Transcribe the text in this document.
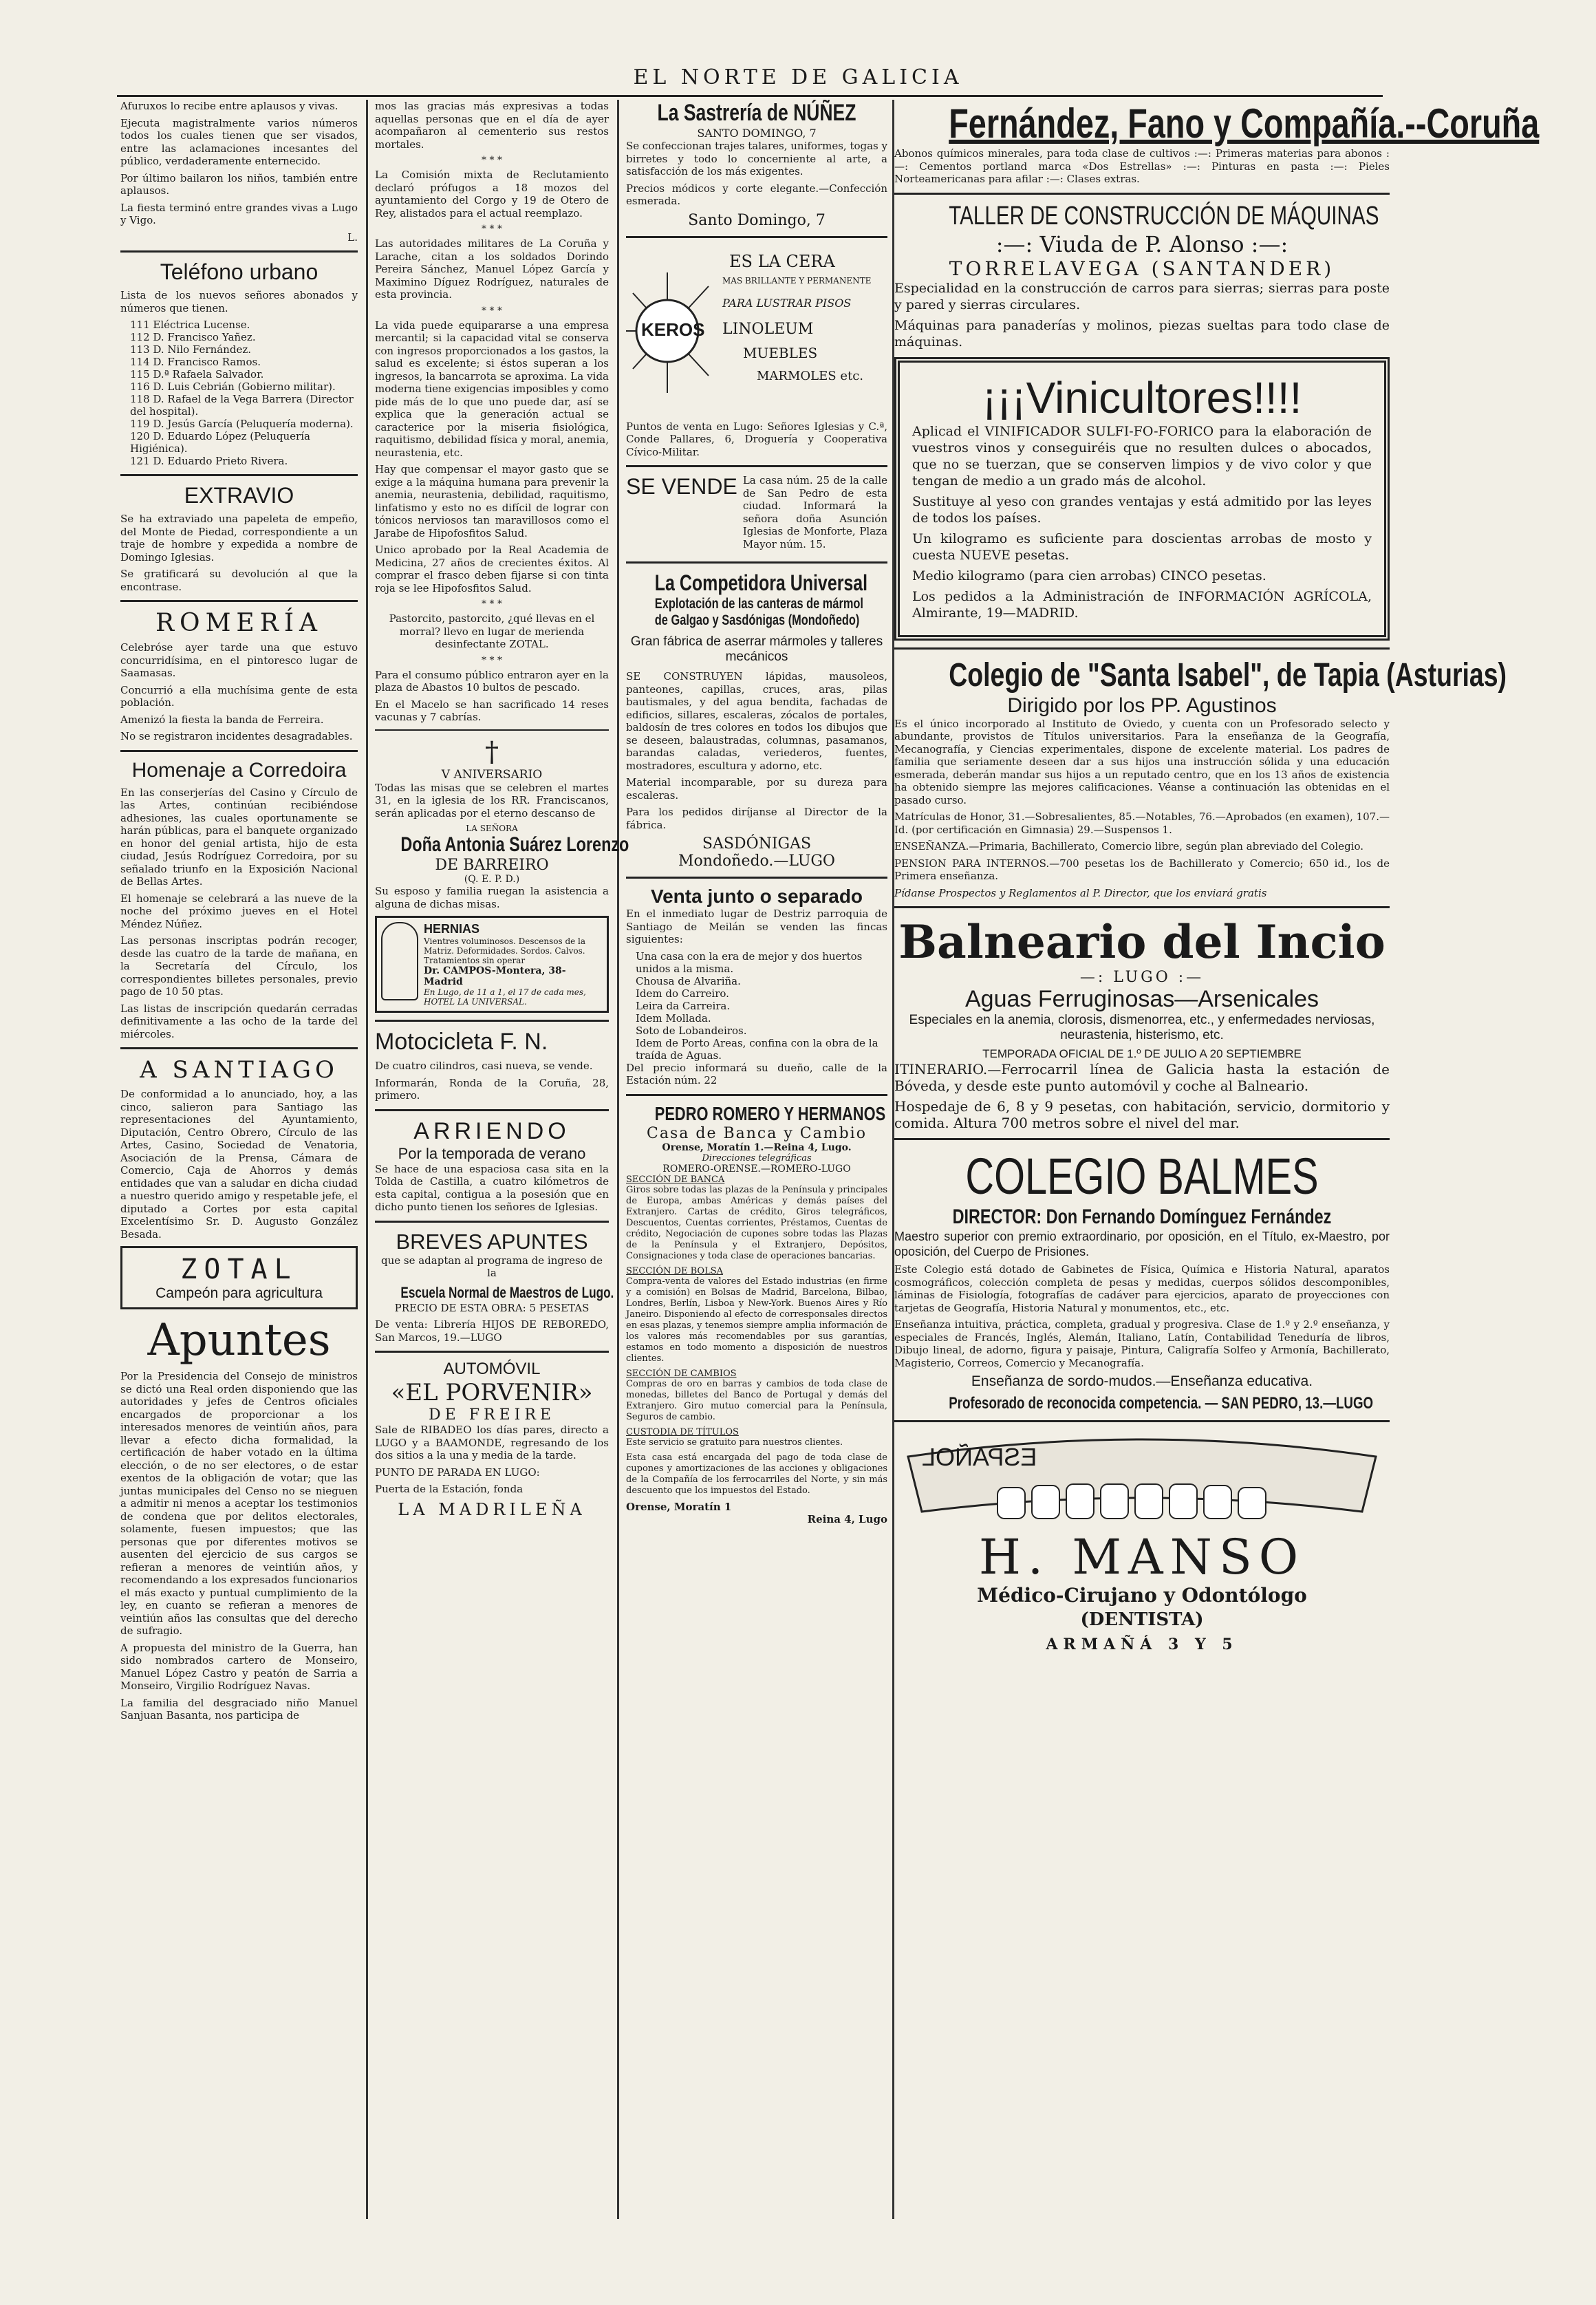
EL NORTE DE GALICIA

Afuruxos lo recibe entre aplausos y vivas.

Ejecuta magistralmente varios números todos los cuales tienen que ser visados, entre las aclamaciones incesantes del público, verdaderamente enternecido.

Por último bailaron los niños, también entre aplausos.

La fiesta terminó entre grandes vivas a Lugo y Vigo.

L.

Teléfono urbano

Lista de los nuevos señores abonados y números que tienen.

111 Eléctrica Lucense.
112 D. Francisco Yañez.
113 D. Nilo Fernández.
114 D. Francisco Ramos.
115 D.ª Rafaela Salvador.
116 D. Luis Cebrián (Gobierno militar).
118 D. Rafael de la Vega Barrera (Director del hospital).
119 D. Jesús García (Peluquería moderna).
120 D. Eduardo López (Peluquería Higiénica).
121 D. Eduardo Prieto Rivera.
EXTRAVIO

Se ha extraviado una papeleta de empeño, del Monte de Piedad, correspondiente a un traje de hombre y expedida a nombre de Domingo Iglesias.

Se gratificará su devolución al que la encontrase.

ROMERÍA

Celebróse ayer tarde una que estuvo concurridísima, en el pintoresco lugar de Saamasas.

Concurrió a ella muchísima gente de esta población.

Amenizó la fiesta la banda de Ferreira.

No se registraron incidentes desagradables.

Homenaje a Corredoira

En las conserjerías del Casino y Círculo de las Artes, continúan recibiéndose adhesiones, las cuales oportunamente se harán públicas, para el banquete organizado en honor del genial artista, hijo de esta ciudad, Jesús Rodríguez Corredoira, por su señalado triunfo en la Exposición Nacional de Bellas Artes.

El homenaje se celebrará a las nueve de la noche del próximo jueves en el Hotel Méndez Núñez.

Las personas inscriptas podrán recoger, desde las cuatro de la tarde de mañana, en la Secretaría del Círculo, los correspondientes billetes personales, previo pago de 10 50 ptas.

Las listas de inscripción quedarán cerradas definitivamente a las ocho de la tarde del miércoles.

A SANTIAGO

De conformidad a lo anunciado, hoy, a las cinco, salieron para Santiago las representaciones del Ayuntamiento, Diputación, Centro Obrero, Círculo de las Artes, Casino, Sociedad de Venatoria, Asociación de la Prensa, Cámara de Comercio, Caja de Ahorros y demás entidades que van a saludar en dicha ciudad a nuestro querido amigo y respetable jefe, el diputado a Cortes por esta capital Excelentísimo Sr. D. Augusto González Besada.

ZOTAL
Campeón para agricultura
Apuntes

Por la Presidencia del Consejo de ministros se dictó una Real orden disponiendo que las autoridades y jefes de Centros oficiales encargados de proporcionar a los interesados menores de veintiún años, para llevar a efecto dicha formalidad, la certificación de haber votado en la última elección, o de no ser electores, o de estar exentos de la obligación de votar; que las juntas municipales del Censo no se nieguen a admitir ni menos a aceptar los testimonios de condena que por delitos electorales, solamente, fuesen impuestos; que las personas que por diferentes motivos se ausenten del ejercicio de sus cargos se refieran a menores de veintiún años, y recomendando a los expresados funcionarios el más exacto y puntual cumplimiento de la ley, en cuanto se refieran a menores de veintiún años las consultas que del derecho de sufragio.

A propuesta del ministro de la Guerra, han sido nombrados cartero de Monseiro, Manuel López Castro y peatón de Sarria a Monseiro, Virgilio Rodríguez Navas.

La familia del desgraciado niño Manuel Sanjuan Basanta, nos participa de

mos las gracias más expresivas a todas aquellas personas que en el día de ayer acompañaron al cementerio sus restos mortales.

* * *

La Comisión mixta de Reclutamiento declaró prófugos a 18 mozos del ayuntamiento del Corgo y 19 de Otero de Rey, alistados para el actual reemplazo.

* * *

Las autoridades militares de La Coruña y Larache, citan a los soldados Dorindo Pereira Sánchez, Manuel López García y Maximino Díguez Rodríguez, naturales de esta provincia.

* * *

La vida puede equipararse a una empresa mercantil; si la capacidad vital se conserva con ingresos proporcionados a los gastos, la salud es excelente; si éstos superan a los ingresos, la bancarrota se aproxima. La vida moderna tiene exigencias imposibles y como pide más de lo que uno puede dar, así se explica que la generación actual se caracterice por la miseria fisiológica, raquitismo, debilidad física y moral, anemia, neurastenia, etc.

Hay que compensar el mayor gasto que se exige a la máquina humana para prevenir la anemia, neurastenia, debilidad, raquitismo, linfatismo y esto no es difícil de lograr con tónicos nerviosos tan maravillosos como el Jarabe de Hipofosfitos Salud.

Unico aprobado por la Real Academia de Medicina, 27 años de crecientes éxitos. Al comprar el frasco deben fijarse si con tinta roja se lee Hipofosfitos Salud.

* * *

Pastorcito, pastorcito, ¿qué llevas en el morral? llevo en lugar de merienda desinfectante ZOTAL.

* * *

Para el consumo público entraron ayer en la plaza de Abastos 10 bultos de pescado.

En el Macelo se han sacrificado 14 reses vacunas y 7 cabrías.

†
V ANIVERSARIO

Todas las misas que se celebren el martes 31, en la iglesia de los RR. Franciscanos, serán aplicadas por el eterno descanso de

LA SEÑORA
Doña Antonia Suárez Lorenzo
DE BARREIRO
(Q. E. P. D.)

Su esposo y familia ruegan la asistencia a alguna de dichas misas.

HERNIAS
Vientres voluminosos. Descensos de la Matriz. Deformidades. Sordos. Calvos. Tratamientos sin operar
Dr. CAMPOS-Montera, 38-Madrid
En Lugo, de 11 a 1, el 17 de cada mes, HOTEL LA UNIVERSAL.
Motocicleta F. N.

De cuatro cilindros, casi nueva, se vende.

Informarán, Ronda de la Coruña, 28, primero.

ARRIENDO
Por la temporada de verano

Se hace de una espaciosa casa sita en la Tolda de Castilla, a cuatro kilómetros de esta capital, contigua a la posesión que en dicho punto tienen los señores de Iglesias.

BREVES APUNTES

que se adaptan al programa de ingreso de la

Escuela Normal de Maestros de Lugo.

PRECIO DE ESTA OBRA: 5 PESETAS

De venta: Librería HIJOS DE REBOREDO, San Marcos, 19.—LUGO

AUTOMÓVIL
«EL PORVENIR»
DE FREIRE

Sale de RIBADEO los días pares, directo a LUGO y a BAAMONDE, regresando de los dos sitios a la una y media de la tarde.

PUNTO DE PARADA EN LUGO:

Puerta de la Estación, fonda

LA MADRILEÑA
La Sastrería de NÚÑEZ
SANTO DOMINGO, 7

Se confeccionan trajes talares, uniformes, togas y birretes y todo lo concerniente al arte, a satisfacción de los más exigentes.

Precios módicos y corte elegante.—Confección esmerada.

Santo Domingo, 7
KEROS
ES LA CERA
MAS BRILLANTE Y PERMANENTE
PARA LUSTRAR PISOS
LINOLEUM
MUEBLES
MARMOLES etc.

Puntos de venta en Lugo: Señores Iglesias y C.ª, Conde Pallares, 6, Droguería y Cooperativa Cívico-Militar.

SE VENDE La casa núm. 25 de la calle de San Pedro de esta ciudad. Informará la señora doña Asunción Iglesias de Monforte, Plaza Mayor núm. 15.

La Competidora Universal
Explotación de las canteras de mármol
de Galgao y Sasdónigas (Mondoñedo)
Gran fábrica de aserrar mármoles y talleres mecánicos

SE CONSTRUYEN lápidas, mausoleos, panteones, capillas, cruces, aras, pilas bautismales, y del agua bendita, fachadas de edificios, sillares, escaleras, zócalos de portales, baldosín de tres colores en todos los dibujos que se deseen, balaustradas, columnas, pasamanos, barandas caladas, veriederos, fuentes, mostradores, escultura y adorno, etc.

Material incomparable, por su dureza para escaleras.

Para los pedidos diríjanse al Director de la fábrica.

SASDÓNIGAS
Mondoñedo.—LUGO
Venta junto o separado

En el inmediato lugar de Destriz parroquia de Santiago de Meilán se venden las fincas siguientes:

Una casa con la era de mejor y dos huertos unidos a la misma.
Chousa de Alvariña.
Idem do Carreiro.
Leira da Carreira.
Idem Mollada.
Soto de Lobandeiros.
Idem de Porto Areas, confina con la obra de la traída de Aguas.

Del precio informará su dueño, calle de la Estación núm. 22

PEDRO ROMERO Y HERMANOS
Casa de Banca y Cambio
Orense, Moratín 1.—Reina 4, Lugo.
Direcciones telegráficas
ROMERO-ORENSE.—ROMERO-LUGO
SECCIÓN DE BANCA

Giros sobre todas las plazas de la Península y principales de Europa, ambas Américas y demás países del Extranjero. Cartas de crédito, Giros telegráficos, Descuentos, Cuentas corrientes, Préstamos, Cuentas de crédito, Negociación de cupones sobre todas las Plazas de la Península y el Extranjero, Depósitos, Consignaciones y toda clase de operaciones bancarias.

SECCIÓN DE BOLSA

Compra-venta de valores del Estado industrias (en firme y a comisión) en Bolsas de Madrid, Barcelona, Bilbao, Londres, Berlín, Lisboa y New-York. Buenos Aires y Río Janeiro. Disponiendo al efecto de corresponsales directos en esas plazas, y tenemos siempre amplia información de los valores más recomendables por sus garantías, estamos en todo momento a disposición de nuestros clientes.

SECCIÓN DE CAMBIOS

Compras de oro en barras y cambios de toda clase de monedas, billetes del Banco de Portugal y demás del Extranjero. Giro mutuo comercial para la Península, Seguros de cambio.

CUSTODIA DE TÍTULOS

Este servicio se gratuito para nuestros clientes.

Esta casa está encargada del pago de toda clase de cupones y amortizaciones de las acciones y obligaciones de la Compañía de los ferrocarriles del Norte, y sin más descuento que los impuestos del Estado.

Orense, Moratín 1
Reina 4, Lugo
Fernández, Fano y Compañía.--Coruña

Abonos químicos minerales, para toda clase de cultivos :—: Primeras materias para abonos :—: Cementos portland marca «Dos Estrellas» :—: Pinturas en pasta :—: Pieles Norteamericanas para afilar :—: Clases extras.

TALLER DE CONSTRUCCIÓN DE MÁQUINAS
:—: Viuda de P. Alonso :—:
TORRELAVEGA (SANTANDER)

Especialidad en la construcción de carros para sierras; sierras para poste y pared y sierras circulares.

Máquinas para panaderías y molinos, piezas sueltas para todo clase de máquinas.

¡¡¡Vinicultores!!!!

Aplicad el VINIFICADOR SULFI-FO-FORICO para la elaboración de vuestros vinos y conseguiréis que no resulten dulces o abocados, que no se tuerzan, que se conserven limpios y de vivo color y que tengan de medio a un grado más de alcohol.

Sustituye al yeso con grandes ventajas y está admitido por las leyes de todos los países.

Un kilogramo es suficiente para doscientas arrobas de mosto y cuesta NUEVE pesetas.

Medio kilogramo (para cien arrobas) CINCO pesetas.

Los pedidos a la Administración de INFORMACIÓN AGRÍCOLA, Almirante, 19—MADRID.

Colegio de "Santa Isabel", de Tapia (Asturias)
Dirigido por los PP. Agustinos

Es el único incorporado al Instituto de Oviedo, y cuenta con un Profesorado selecto y abundante, provistos de Títulos universitarios. Para la enseñanza de la Geografía, Mecanografía, y Ciencias experimentales, dispone de excelente material. Los padres de familia que seriamente deseen dar a sus hijos una instrucción sólida y una educación esmerada, deberán mandar sus hijos a un reputado centro, que en los 13 años de existencia ha obtenido siempre las mejores calificaciones. Véanse a continuación las obtenidas en el pasado curso.

Matrículas de Honor, 31.—Sobresalientes, 85.—Notables, 76.—Aprobados (en examen), 107.—Id. (por certificación en Gimnasia) 29.—Suspensos 1.

ENSEÑANZA.—Primaria, Bachillerato, Comercio libre, según plan abreviado del Colegio.

PENSION PARA INTERNOS.—700 pesetas los de Bachillerato y Comercio; 650 id., los de Primera enseñanza.

Pídanse Prospectos y Reglamentos al P. Director, que los enviará gratis

Balneario del Incio
—: LUGO :—
Aguas Ferruginosas—Arsenicales

Especiales en la anemia, clorosis, dismenorrea, etc., y enfermedades nerviosas, neurastenia, histerismo, etc.

TEMPORADA OFICIAL DE 1.º DE JULIO A 20 SEPTIEMBRE

ITINERARIO.—Ferrocarril línea de Galicia hasta la estación de Bóveda, y desde este punto automóvil y coche al Balneario.

Hospedaje de 6, 8 y 9 pesetas, con habitación, servicio, dormitorio y comida. Altura 700 metros sobre el nivel del mar.

COLEGIO BALMES
DIRECTOR: Don Fernando Domínguez Fernández

Maestro superior con premio extraordinario, por oposición, en el Título, ex-Maestro, por oposición, del Cuerpo de Prisiones.

Este Colegio está dotado de Gabinetes de Física, Química e Historia Natural, aparatos cosmográficos, colección completa de pesas y medidas, cuerpos sólidos descomponibles, láminas de Fisiología, fotografías de cadáver para ejercicios, aparato de proyecciones con tarjetas de Geografía, Historia Natural y monumentos, etc., etc.

Enseñanza intuitiva, práctica, completa, gradual y progresiva. Clase de 1.º y 2.º enseñanza, y especiales de Francés, Inglés, Alemán, Italiano, Latín, Contabilidad Teneduría de libros, Dibujo lineal, de adorno, figura y paisaje, Pintura, Caligrafía Solfeo y Armonía, Bachillerato, Magisterio, Correos, Comercio y Mecanografía.

Enseñanza de sordo-mudos.—Enseñanza educativa.
Profesorado de reconocida competencia. — SAN PEDRO, 13.—LUGO
ESPAÑOL
H. MANSO
Médico-Cirujano y Odontólogo
(DENTISTA)
ARMAÑÁ 3 Y 5
